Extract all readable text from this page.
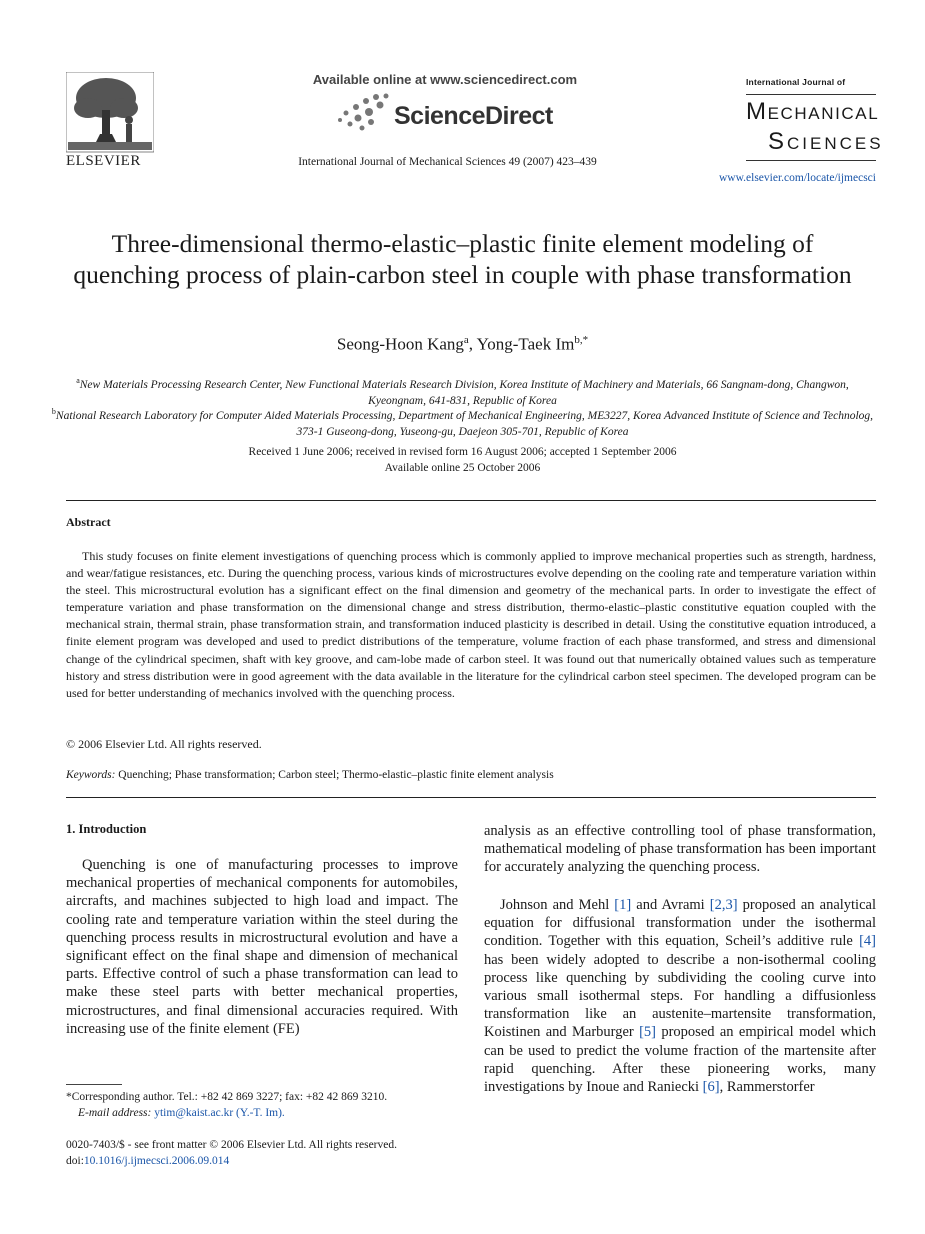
ELSEVIER
Available online at www.sciencedirect.com
ScienceDirect
International Journal of Mechanical Sciences 49 (2007) 423–439
International Journal of
MECHANICAL
SCIENCES
www.elsevier.com/locate/ijmecsci
Three-dimensional thermo-elastic–plastic finite element modeling of quenching process of plain-carbon steel in couple with phase transformation
Seong-Hoon Kang$^a$, Yong-Taek $Im^{b,*}$
$^a$New Materials Processing Research Center, New Functional Materials Research Division, Korea Institute of Machinery and Materials, 66 Sangnam-dong, Changwon, Kyeongnam, 641-831, Republic of Korea
$^b$National Research Laboratory for Computer Aided Materials Processing, Department of Mechanical Engineering, ME3227, Korea Advanced Institute of Science and Technolog, 373-1 Guseong-dong, Yuseong-gu, Daejeon 305-701, Republic of Korea
Received 1 June 2006; received in revised form 16 August 2006; accepted 1 September 2006
Available online 25 October 2006
Abstract
This study focuses on finite element investigations of quenching process which is commonly applied to improve mechanical properties such as strength, hardness, and wear/fatigue resistances, etc. During the quenching process, various kinds of microstructures evolve depending on the cooling rate and temperature variation within the steel. This microstructural evolution has a significant effect on the final dimension and geometry of the mechanical parts. In order to investigate the effect of temperature variation and phase transformation on the dimensional change and stress distribution, thermo-elastic–plastic constitutive equation coupled with the mechanical strain, thermal strain, phase transformation strain, and transformation induced plasticity is described in detail. Using the constitutive equation introduced, a finite element program was developed and used to predict distributions of the temperature, volume fraction of each phase transformed, and stress and dimensional change of the cylindrical specimen, shaft with key groove, and cam-lobe made of carbon steel. It was found out that numerically obtained values such as temperature history and stress distribution were in good agreement with the data available in the literature for the cylindrical carbon steel specimen. The developed program can be used for better understanding of mechanics involved with the quenching process.
© 2006 Elsevier Ltd. All rights reserved.
Keywords: Quenching; Phase transformation; Carbon steel; Thermo-elastic–plastic finite element analysis
1. Introduction
Quenching is one of manufacturing processes to improve mechanical properties of mechanical components for automobiles, aircrafts, and machines subjected to high load and impact. The cooling rate and temperature variation within the steel during the quenching process results in microstructural evolution and have a significant effect on the final shape and dimension of mechanical parts. Effective control of such a phase transformation can lead to make these steel parts with better mechanical properties, microstructures, and final dimensional accuracies required. With increasing use of the finite element (FE)
analysis as an effective controlling tool of phase transformation, mathematical modeling of phase transformation has been important for accurately analyzing the quenching process.
Johnson and Mehl [1] and Avrami [2,3] proposed an analytical equation for diffusional transformation under the isothermal condition. Together with this equation, Scheil’s additive rule [4] has been widely adopted to describe a non-isothermal cooling process like quenching by subdividing the cooling curve into various small isothermal steps. For handling a diffusionless transformation like an austenite–martensite transformation, Koistinen and Marburger [5] proposed an empirical model which can be used to predict the volume fraction of the martensite after rapid quenching. After these pioneering works, many investigations by Inoue and Raniecki [6], Rammerstorfer
*Corresponding author. Tel.: +82 42 869 3227; fax: +82 42 869 3210.
E-mail address: ytim@kaist.ac.kr (Y.-T. Im).
0020-7403/$ - see front matter © 2006 Elsevier Ltd. All rights reserved.
doi:10.1016/j.ijmecsci.2006.09.014
